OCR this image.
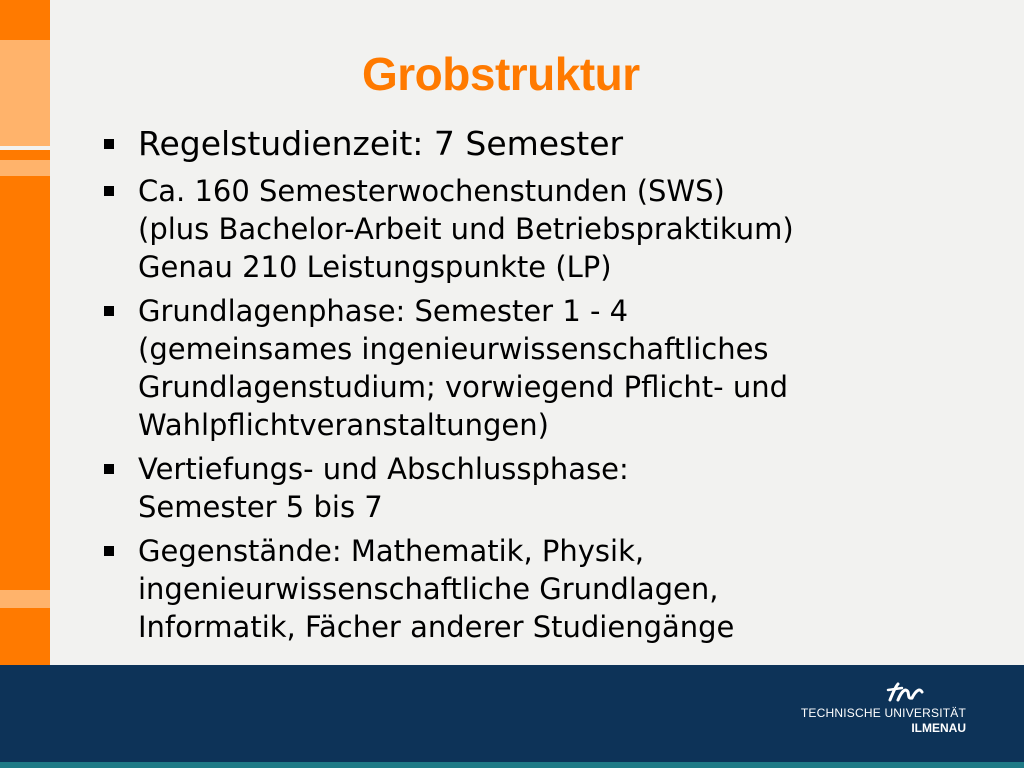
Grobstruktur
Regelstudienzeit: 7 Semester
Ca. 160 Semesterwochenstunden (SWS)
(plus Bachelor-Arbeit und Betriebspraktikum)
Genau 210 Leistungspunkte (LP)
Grundlagenphase: Semester 1 - 4
(gemeinsames ingenieurwissenschaftliches
Grundlagenstudium; vorwiegend Pflicht- und
Wahlpflichtveranstaltungen)
Vertiefungs- und Abschlussphase:
Semester 5 bis 7
Gegenstände: Mathematik, Physik,
ingenieurwissenschaftliche Grundlagen,
Informatik, Fächer anderer Studiengänge
TECHNISCHE UNIVERSITÄT
ILMENAU
